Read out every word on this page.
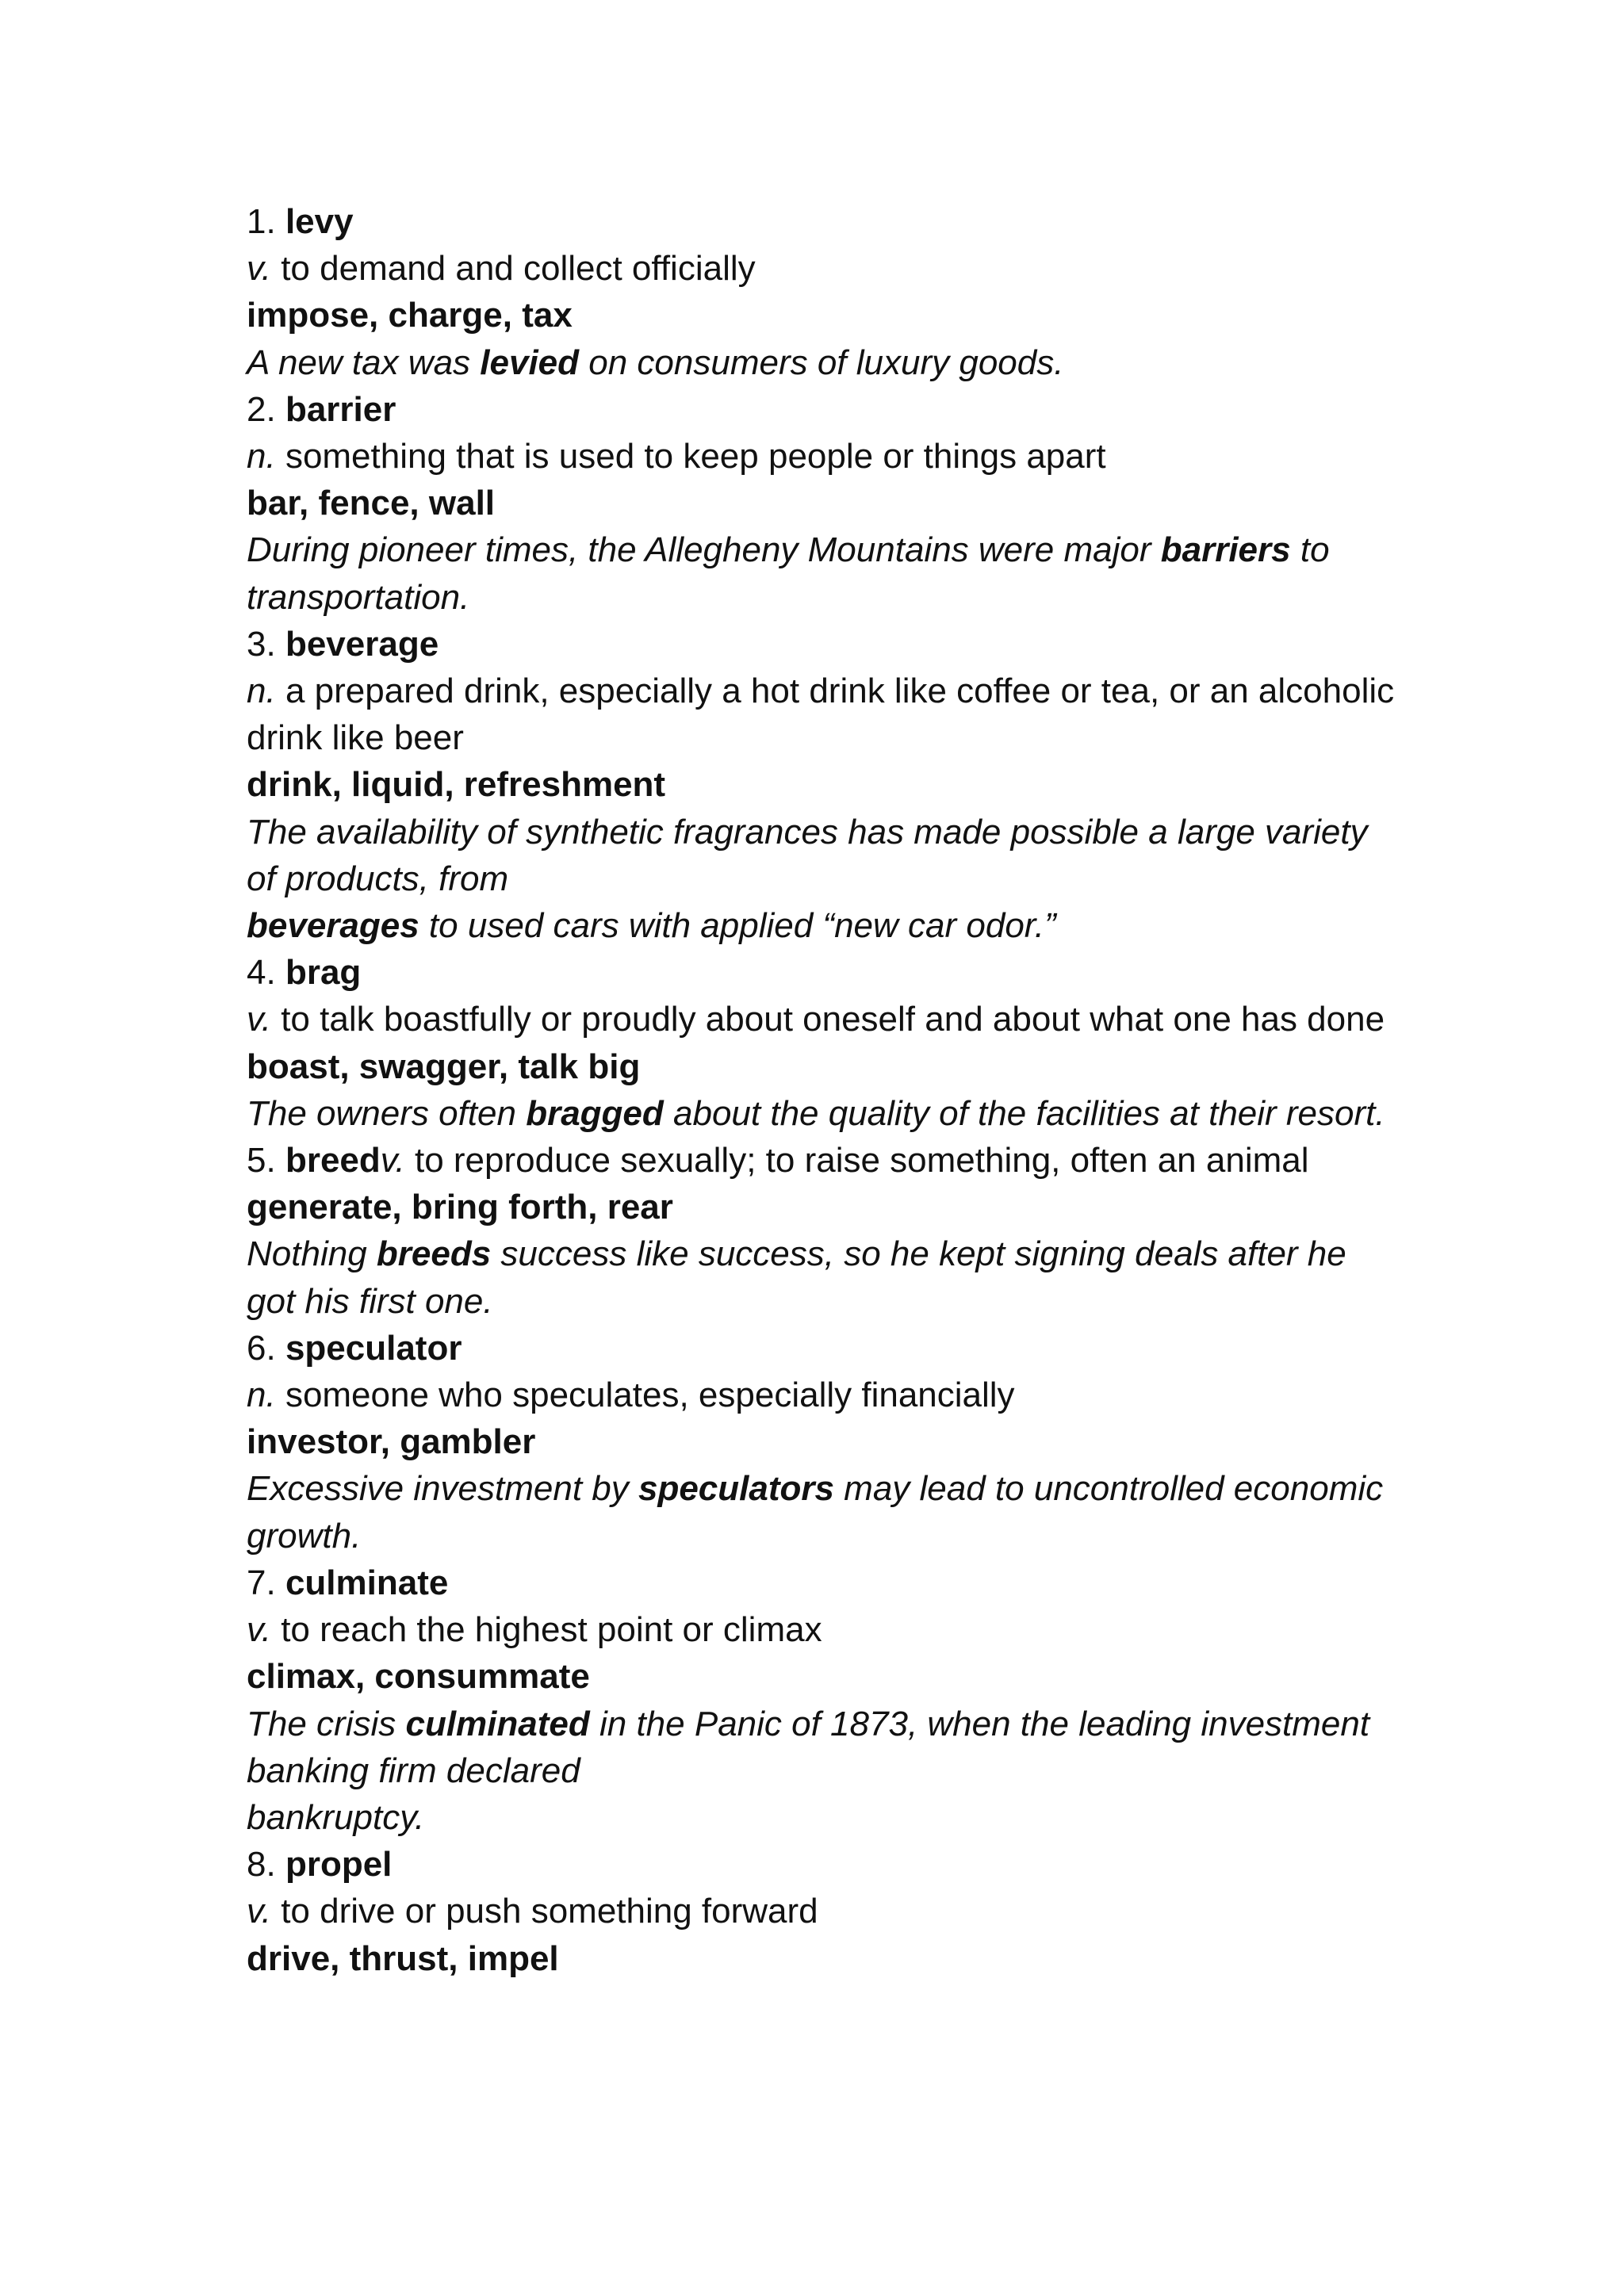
1. levy

v. to demand and collect officially

impose, charge, tax

A new tax was levied on consumers of luxury goods.

2. barrier

n. something that is used to keep people or things apart

bar, fence, wall

During pioneer times, the Allegheny Mountains were major barriers to transportation.

3. beverage

n. a prepared drink, especially a hot drink like coffee or tea, or an alcoholic drink like beer

drink, liquid, refreshment

The availability of synthetic fragrances has made possible a large variety of products, from

beverages to used cars with applied “new car odor.”

4. brag

v. to talk boastfully or proudly about oneself and about what one has done

boast, swagger, talk big

The owners often bragged about the quality of the facilities at their resort.

5. breedv. to reproduce sexually; to raise something, often an animal

generate, bring forth, rear

Nothing breeds success like success, so he kept signing deals after he got his first one.

6. speculator

n. someone who speculates, especially financially

investor, gambler

Excessive investment by speculators may lead to uncontrolled economic growth.

7. culminate

v. to reach the highest point or climax

climax, consummate

The crisis culminated in the Panic of 1873, when the leading investment banking firm declared

bankruptcy.

8. propel

v. to drive or push something forward

drive, thrust, impel
